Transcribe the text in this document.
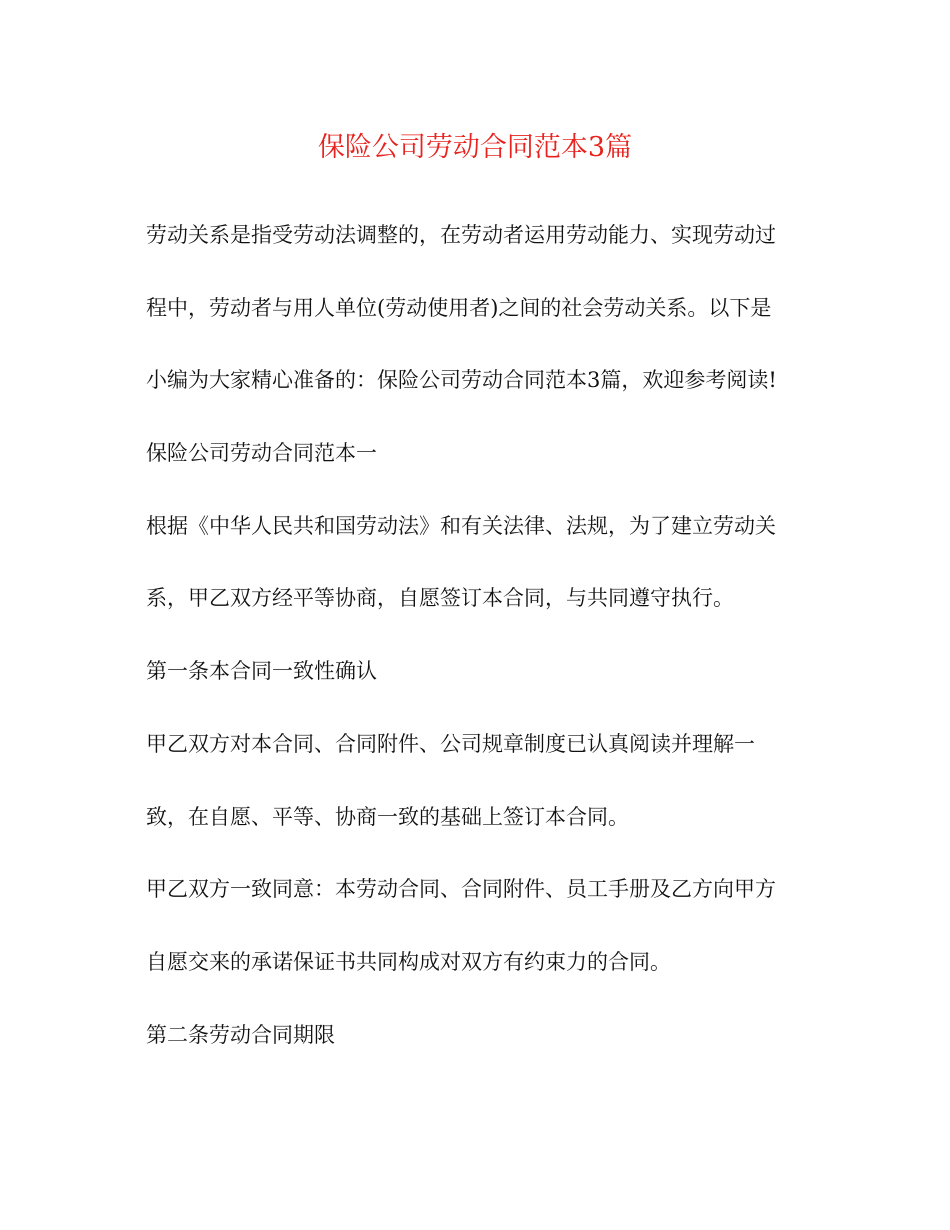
保险公司劳动合同范本3篇
劳动关系是指受劳动法调整的，在劳动者运用劳动能力、实现劳动过
程中，劳动者与用人单位(劳动使用者)之间的社会劳动关系。以下是
小编为大家精心准备的：保险公司劳动合同范本3篇，欢迎参考阅读!
保险公司劳动合同范本一
根据《中华人民共和国劳动法》和有关法律、法规，为了建立劳动关
系，甲乙双方经平等协商，自愿签订本合同，与共同遵守执行。
第一条本合同一致性确认
甲乙双方对本合同、合同附件、公司规章制度已认真阅读并理解一
致，在自愿、平等、协商一致的基础上签订本合同。
甲乙双方一致同意：本劳动合同、合同附件、员工手册及乙方向甲方
自愿交来的承诺保证书共同构成对双方有约束力的合同。
第二条劳动合同期限
